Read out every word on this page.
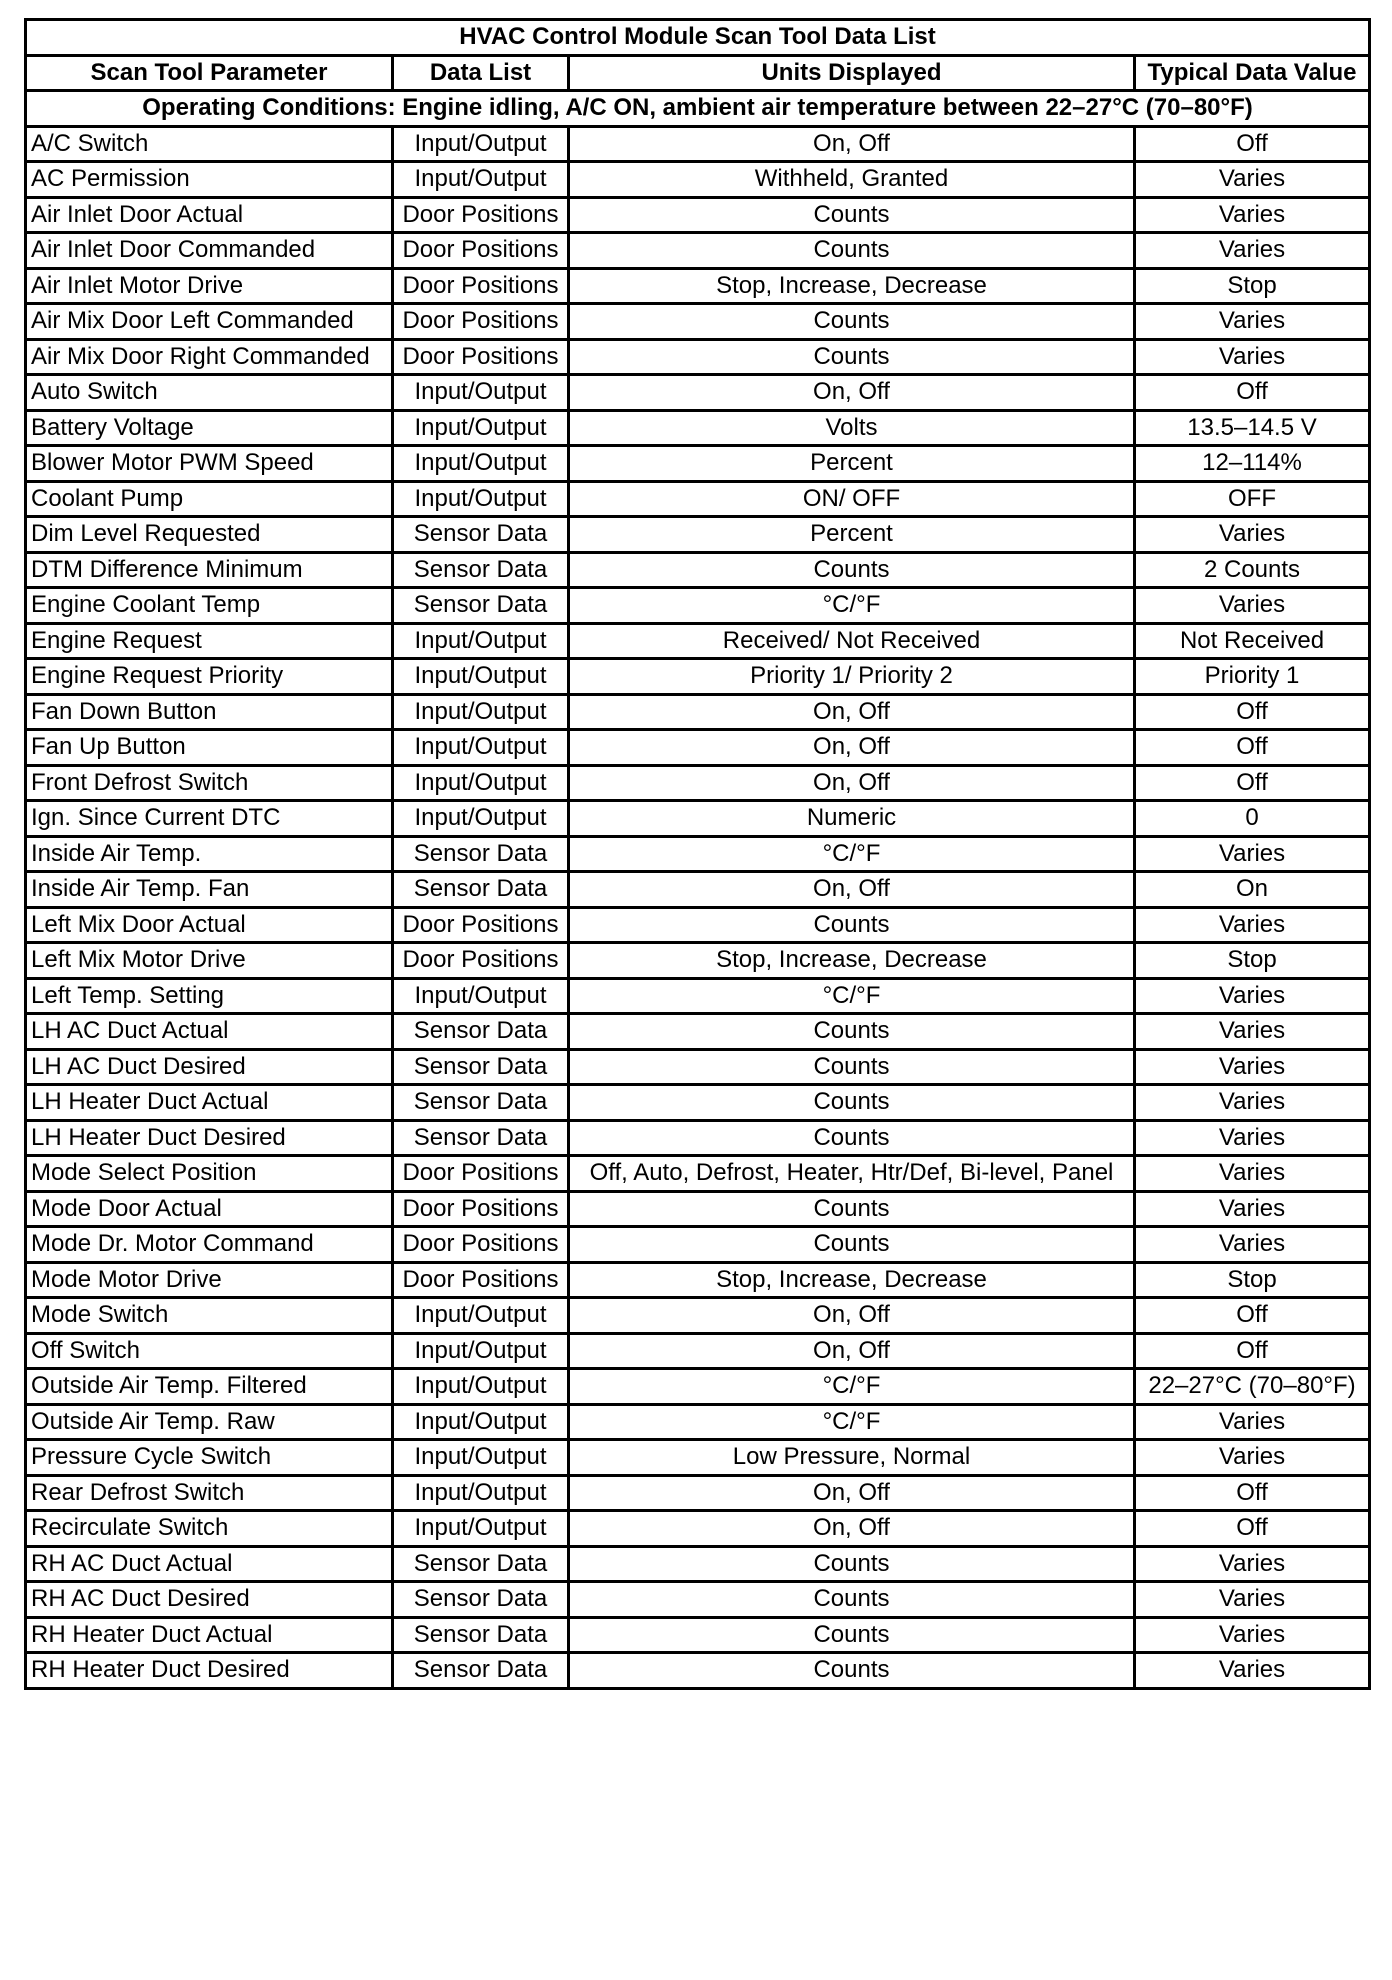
HVAC Control Module Scan Tool Data List			
Scan Tool Parameter	Data List	Units Displayed	Typical Data Value
Operating Conditions: Engine idling, A/C ON, ambient air temperature between 22–27°C (70–80°F)			
A/C Switch	Input/Output	On, Off	Off
AC Permission	Input/Output	Withheld, Granted	Varies
Air Inlet Door Actual	Door Positions	Counts	Varies
Air Inlet Door Commanded	Door Positions	Counts	Varies
Air Inlet Motor Drive	Door Positions	Stop, Increase, Decrease	Stop
Air Mix Door Left Commanded	Door Positions	Counts	Varies
Air Mix Door Right Commanded	Door Positions	Counts	Varies
Auto Switch	Input/Output	On, Off	Off
Battery Voltage	Input/Output	Volts	13.5–14.5 V
Blower Motor PWM Speed	Input/Output	Percent	12–114%
Coolant Pump	Input/Output	ON/ OFF	OFF
Dim Level Requested	Sensor Data	Percent	Varies
DTM Difference Minimum	Sensor Data	Counts	2 Counts
Engine Coolant Temp	Sensor Data	°C/°F	Varies
Engine Request	Input/Output	Received/ Not Received	Not Received
Engine Request Priority	Input/Output	Priority 1/ Priority 2	Priority 1
Fan Down Button	Input/Output	On, Off	Off
Fan Up Button	Input/Output	On, Off	Off
Front Defrost Switch	Input/Output	On, Off	Off
Ign. Since Current DTC	Input/Output	Numeric	0
Inside Air Temp.	Sensor Data	°C/°F	Varies
Inside Air Temp. Fan	Sensor Data	On, Off	On
Left Mix Door Actual	Door Positions	Counts	Varies
Left Mix Motor Drive	Door Positions	Stop, Increase, Decrease	Stop
Left Temp. Setting	Input/Output	°C/°F	Varies
LH AC Duct Actual	Sensor Data	Counts	Varies
LH AC Duct Desired	Sensor Data	Counts	Varies
LH Heater Duct Actual	Sensor Data	Counts	Varies
LH Heater Duct Desired	Sensor Data	Counts	Varies
Mode Select Position	Door Positions	Off, Auto, Defrost, Heater, Htr/Def, Bi-level, Panel	Varies
Mode Door Actual	Door Positions	Counts	Varies
Mode Dr. Motor Command	Door Positions	Counts	Varies
Mode Motor Drive	Door Positions	Stop, Increase, Decrease	Stop
Mode Switch	Input/Output	On, Off	Off
Off Switch	Input/Output	On, Off	Off
Outside Air Temp. Filtered	Input/Output	°C/°F	22–27°C (70–80°F)
Outside Air Temp. Raw	Input/Output	°C/°F	Varies
Pressure Cycle Switch	Input/Output	Low Pressure, Normal	Varies
Rear Defrost Switch	Input/Output	On, Off	Off
Recirculate Switch	Input/Output	On, Off	Off
RH AC Duct Actual	Sensor Data	Counts	Varies
RH AC Duct Desired	Sensor Data	Counts	Varies
RH Heater Duct Actual	Sensor Data	Counts	Varies
RH Heater Duct Desired	Sensor Data	Counts	Varies
